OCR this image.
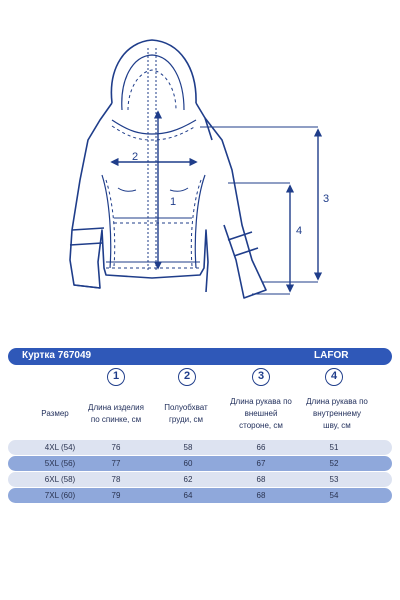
1
2
3
4
Куртка 767049	LAFOR
1	2	3	4
Размер
Длина изделия
по спинке, см
Полуобхват
груди, см
Длина рукава по
внешней
стороне, см
Длина рукава по
внутреннему
шву, см
4XL (54)	76	58	66	51
5XL (56)	77	60	67	52
6XL (58)	78	62	68	53
7XL (60)	79	64	68	54
